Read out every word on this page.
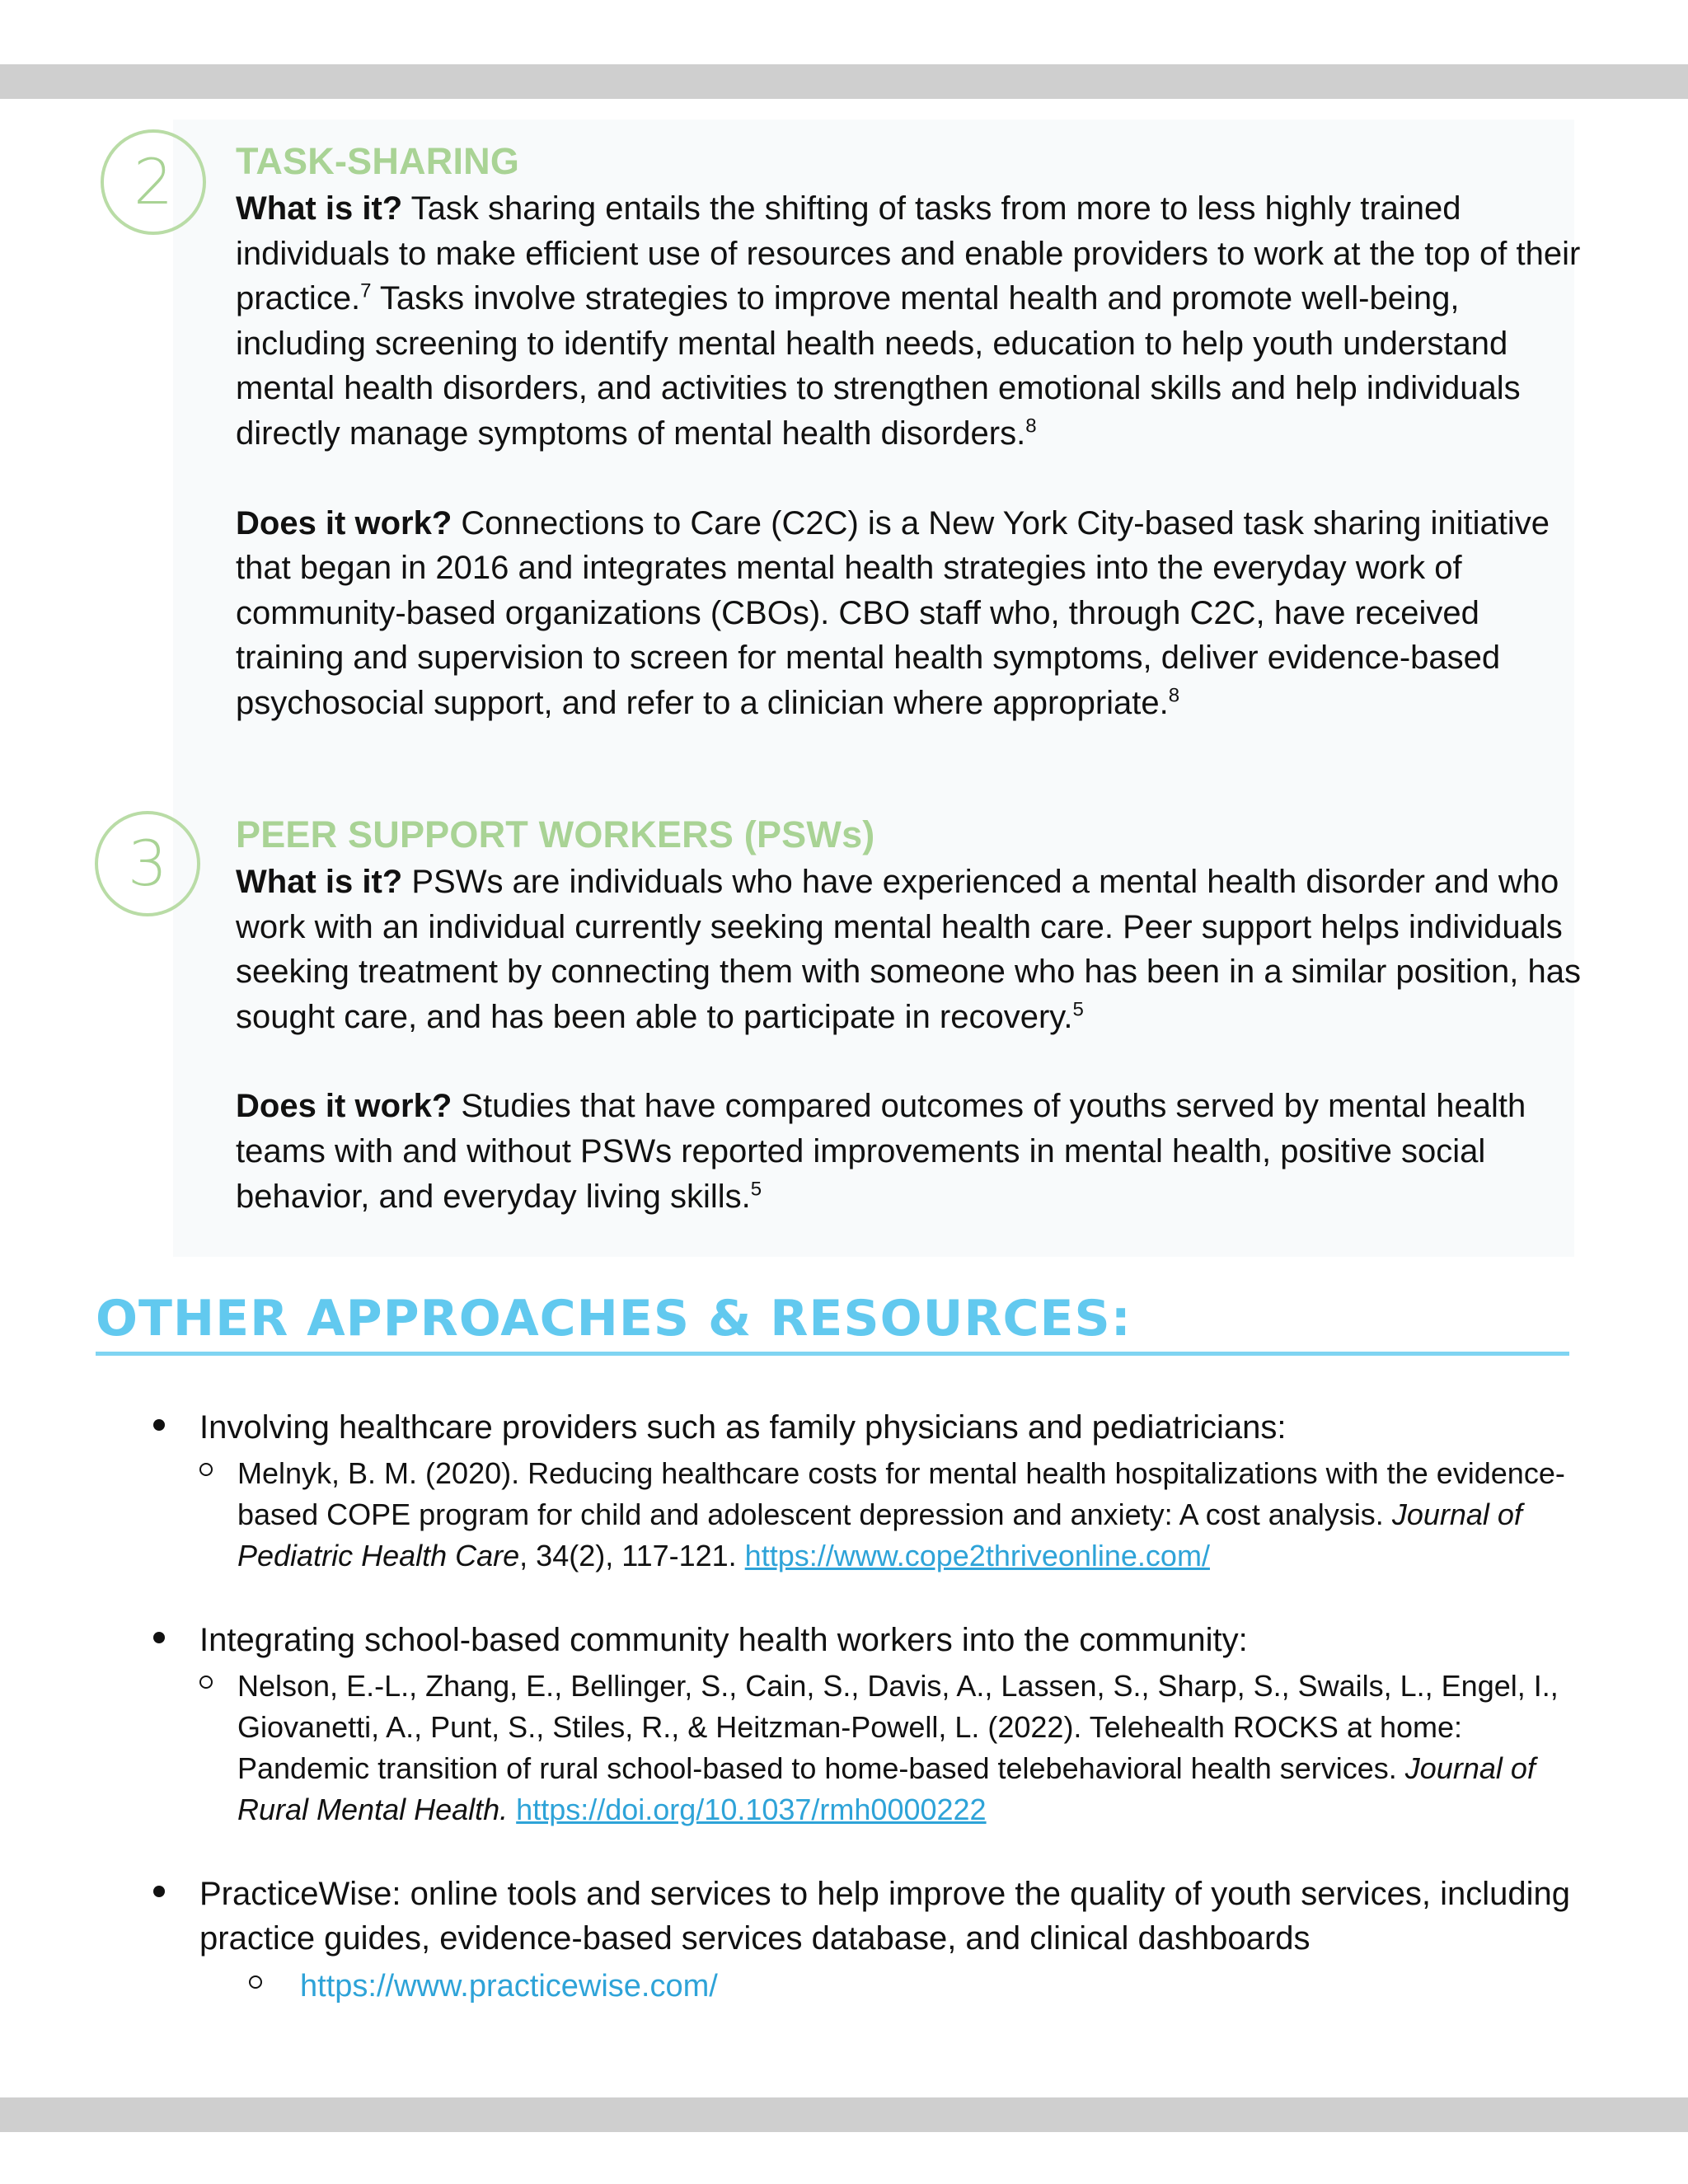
2 TASK-SHARING

What is it? Task sharing entails the shifting of tasks from more to less highly trained individuals to make efficient use of resources and enable providers to work at the top of their practice.$^7$ Tasks involve strategies to improve mental health and promote well-being, including screening to identify mental health needs, education to help youth understand mental health disorders, and activities to strengthen emotional skills and help individuals directly manage symptoms of mental health disorders.$^8$

Does it work? Connections to Care (C2C) is a New York City-based task sharing initiative that began in 2016 and integrates mental health strategies into the everyday work of community-based organizations (CBOs). CBO staff who, through C2C, have received training and supervision to screen for mental health symptoms, deliver evidence-based psychosocial support, and refer to a clinician where appropriate.$^8$

3 PEER SUPPORT WORKERS (PSWs)

What is it? PSWs are individuals who have experienced a mental health disorder and who work with an individual currently seeking mental health care. Peer support helps individuals seeking treatment by connecting them with someone who has been in a similar position, has sought care, and has been able to participate in recovery.$^5$

Does it work? Studies that have compared outcomes of youths served by mental health teams with and without PSWs reported improvements in mental health, positive social behavior, and everyday living skills.$^5$

OTHER APPROACHES & RESOURCES:
Involving healthcare providers such as family physicians and pediatricians:
Melnyk, B. M. (2020). Reducing healthcare costs for mental health hospitalizations with the evidence-based COPE program for child and adolescent depression and anxiety: A cost analysis. Journal of Pediatric Health Care, 34(2), 117-121. https://www.cope2thriveonline.com/
Integrating school-based community health workers into the community:
Nelson, E.-L., Zhang, E., Bellinger, S., Cain, S., Davis, A., Lassen, S., Sharp, S., Swails, L., Engel, I., Giovanetti, A., Punt, S., Stiles, R., & Heitzman-Powell, L. (2022). Telehealth ROCKS at home: Pandemic transition of rural school-based to home-based telebehavioral health services. Journal of Rural Mental Health. https://doi.org/10.1037/rmh0000222
PracticeWise: online tools and services to help improve the quality of youth services, including practice guides, evidence-based services database, and clinical dashboards
https://www.practicewise.com/
